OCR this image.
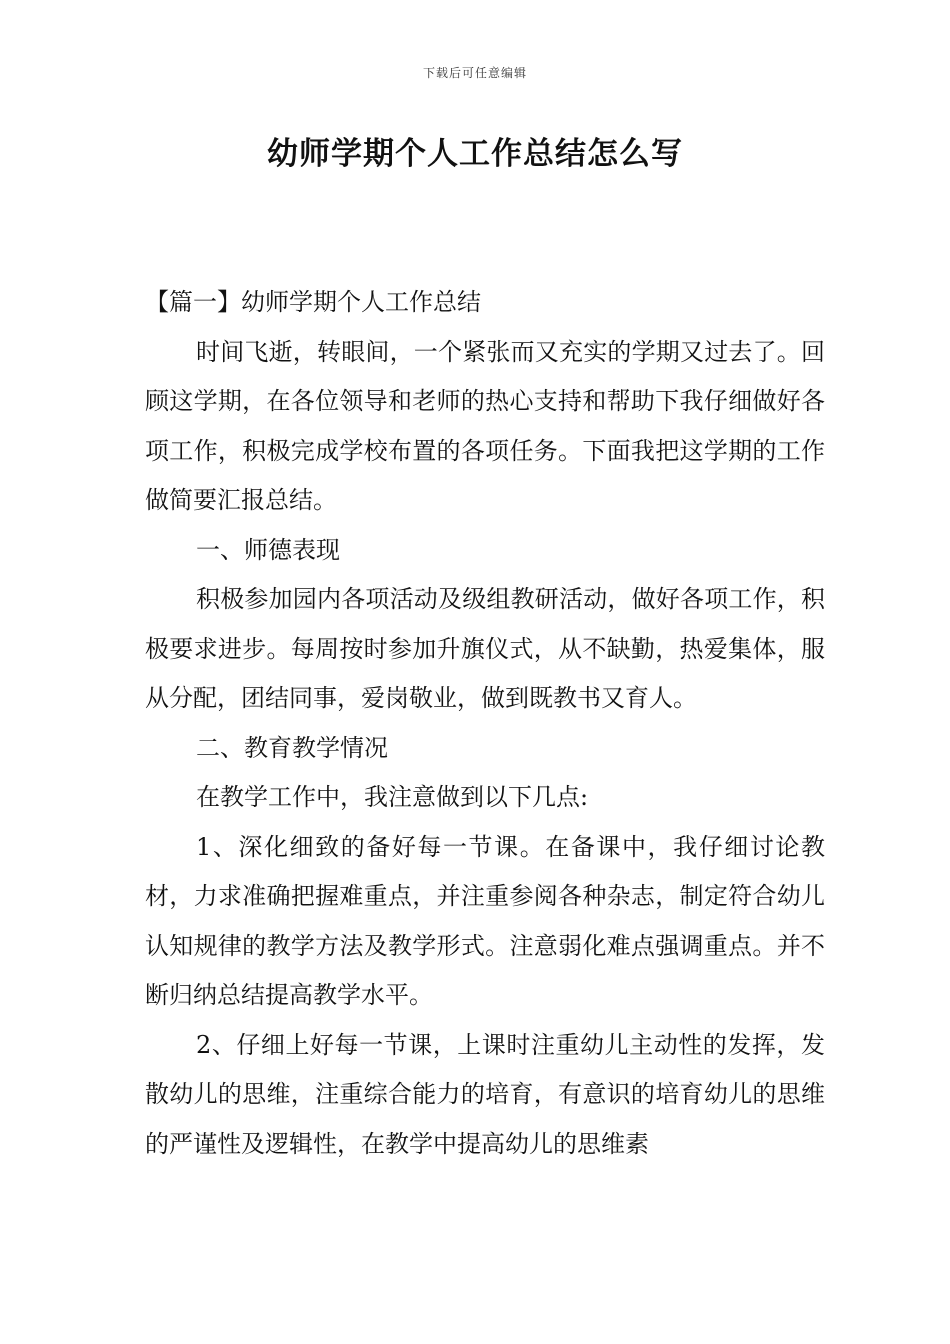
下载后可任意编辑
幼师学期个人工作总结怎么写

【篇一】幼师学期个人工作总结

时间飞逝，转眼间，一个紧张而又充实的学期又过去了。回顾这学期，在各位领导和老师的热心支持和帮助下我仔细做好各项工作，积极完成学校布置的各项任务。下面我把这学期的工作做简要汇报总结。

一、师德表现

积极参加园内各项活动及级组教研活动，做好各项工作，积极要求进步。每周按时参加升旗仪式，从不缺勤，热爱集体，服从分配，团结同事，爱岗敬业，做到既教书又育人。

二、教育教学情况

在教学工作中，我注意做到以下几点:

1、深化细致的备好每一节课。在备课中，我仔细讨论教材，力求准确把握难重点，并注重参阅各种杂志，制定符合幼儿认知规律的教学方法及教学形式。注意弱化难点强调重点。并不断归纳总结提高教学水平。

2、仔细上好每一节课，上课时注重幼儿主动性的发挥，发散幼儿的思维，注重综合能力的培育，有意识的培育幼儿的思维的严谨性及逻辑性，在教学中提高幼儿的思维素
